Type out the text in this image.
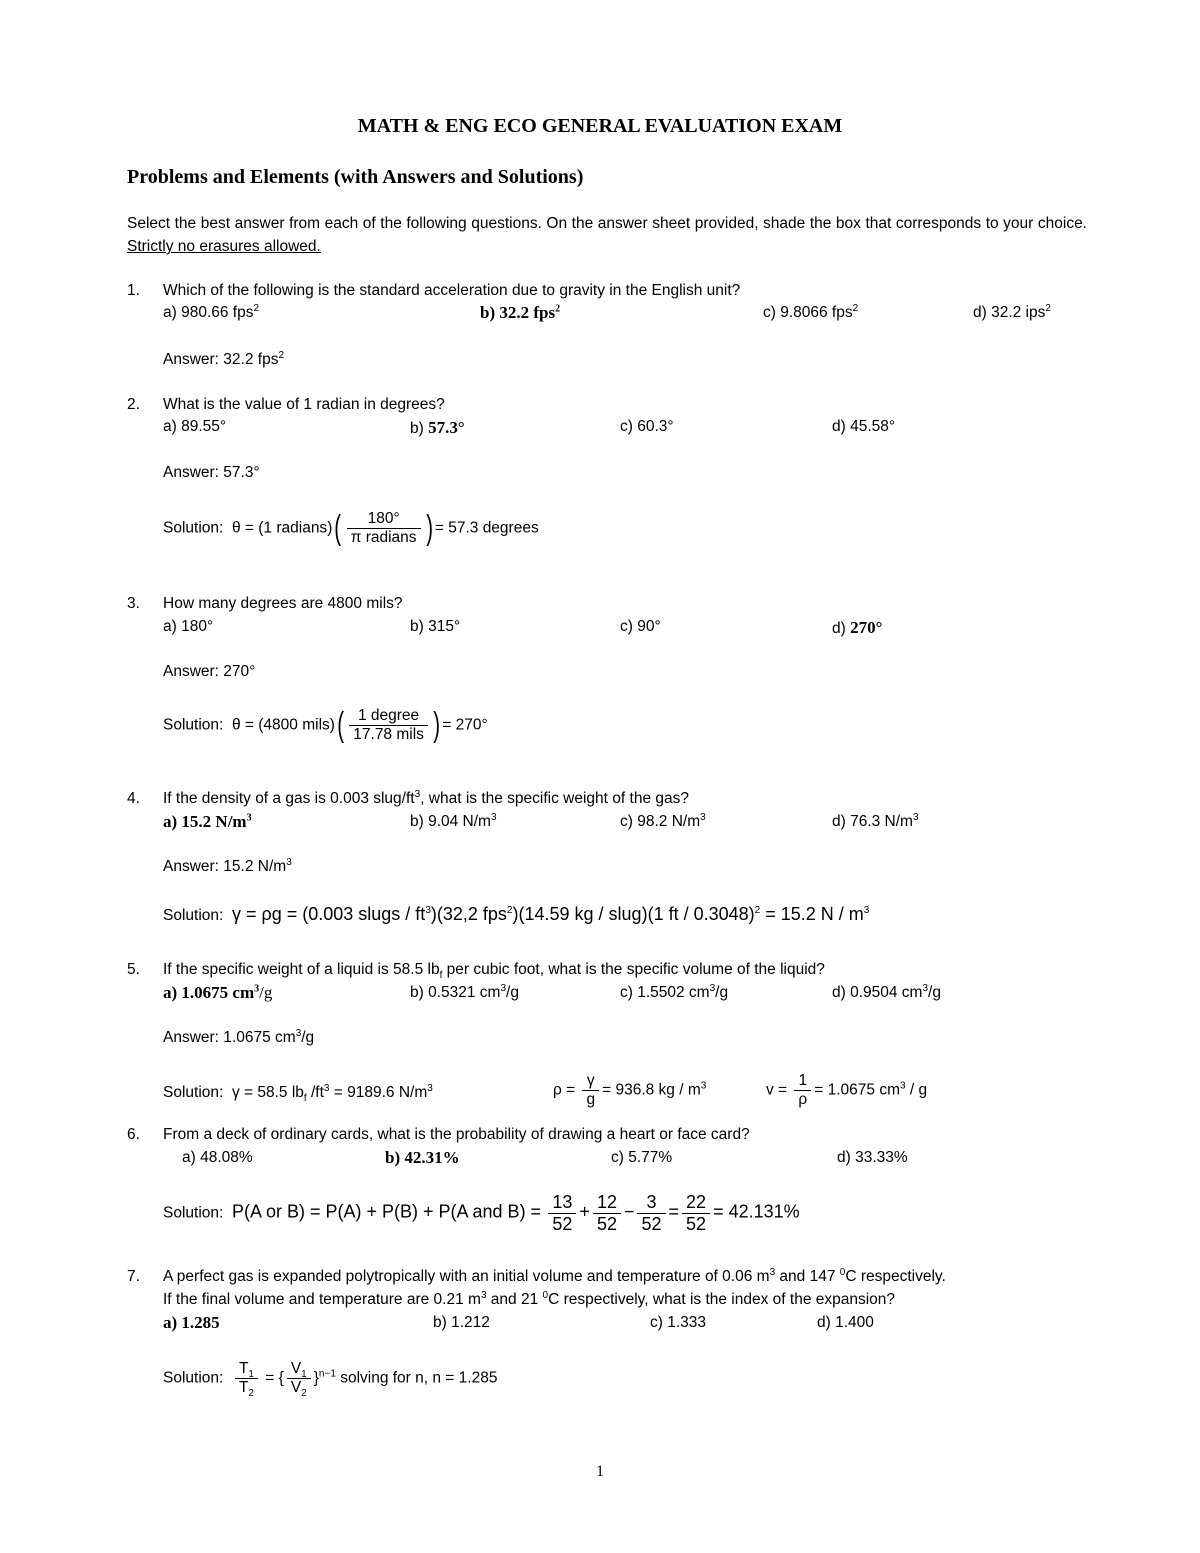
MATH & ENG ECO GENERAL EVALUATION EXAM
Problems and Elements (with Answers and Solutions)
Select the best answer from each of the following questions. On the answer sheet provided, shade the box that corresponds to your choice. Strictly no erasures allowed.
1. Which of the following is the standard acceleration due to gravity in the English unit?
a) 980.66 fps$^2$	b) 32.2 fps$^2$	c) 9.8066 fps$^2$	d) 32.2 ips$^2$
Answer: 32.2 fps$^2$
2. What is the value of 1 radian in degrees?
a) 89.55°	b) 57.3°	c) 60.3°	d) 45.58°
Answer: 57.3°
Solution: θ = (1 radians)( $\frac{180^\circ}{\text{π radians}}$ ) = 57.3 degrees
3. How many degrees are 4800 mils?
a) 180°	b) 315°	c) 90°	d) 270°
Answer: 270°
Solution: θ = (4800 mils)( $\frac{\text{1 degree}}{\text{17.78 mils}}$ ) = 270°
4. If the density of a gas is 0.003 slug/$ft^3$, what is the specific weight of the gas?
a) 15.2 $N/m^3$	b) 9.04 $N/m^3$	c) 98.2 $N/m^3$	d) 76.3 $N/m^3$
Answer: 15.2 $N/m^3$
Solution: γ = ρg = (0.003 slugs / $ft^3)(32,2$ fps$^2$)(14.59 kg / slug)(1 ft / 0.3048)$^2$ = 15.2 N / $m^3$
5. If the specific weight of a liquid is 58.5 $lb_f$ per cubic foot, what is the specific volume of the liquid?
a) 1.0675 $cm^3/g$	b) 0.5321 $cm^3/g$	c) 1.5502 $cm^3/g$	d) 0.9504 $cm^3/g$
Answer: 1.0675 $cm^3/g$
Solution: γ = 58.5 $lb_f$ $/ft^3 = 9189.6$ $N/m^3$	$\rho = \frac{\gamma}{g} = 936.8$ kg / $m^3$	$v = \frac{1}{\rho} = 1.0675$ $cm^3$ / g
6. From a deck of ordinary cards, what is the probability of drawing a heart or face card?
a) 48.08%	b) 42.31%	c) 5.77%	d) 33.33%
Solution: P(A or B) = P(A) + P(B) + P(A and $B) = \frac{13}{52} + \frac{12}{52} - \frac{3}{52} = \frac{22}{52} = 42.131\%$
7. A perfect gas is expanded polytropically with an initial volume and temperature of 0.06 $m^3$ and 147 $^0$C respectively.
If the final volume and temperature are 0.21 $m^3$ and 21 $^0$C respectively, what is the index of the expansion?
a) 1.285	b) 1.212	c) 1.333	d) 1.400
Solution: $\frac{T_1}{T_2}$ = { $\frac{V_1}{V_2} \}^{n-1}$ solving for n, n = 1.285
1
